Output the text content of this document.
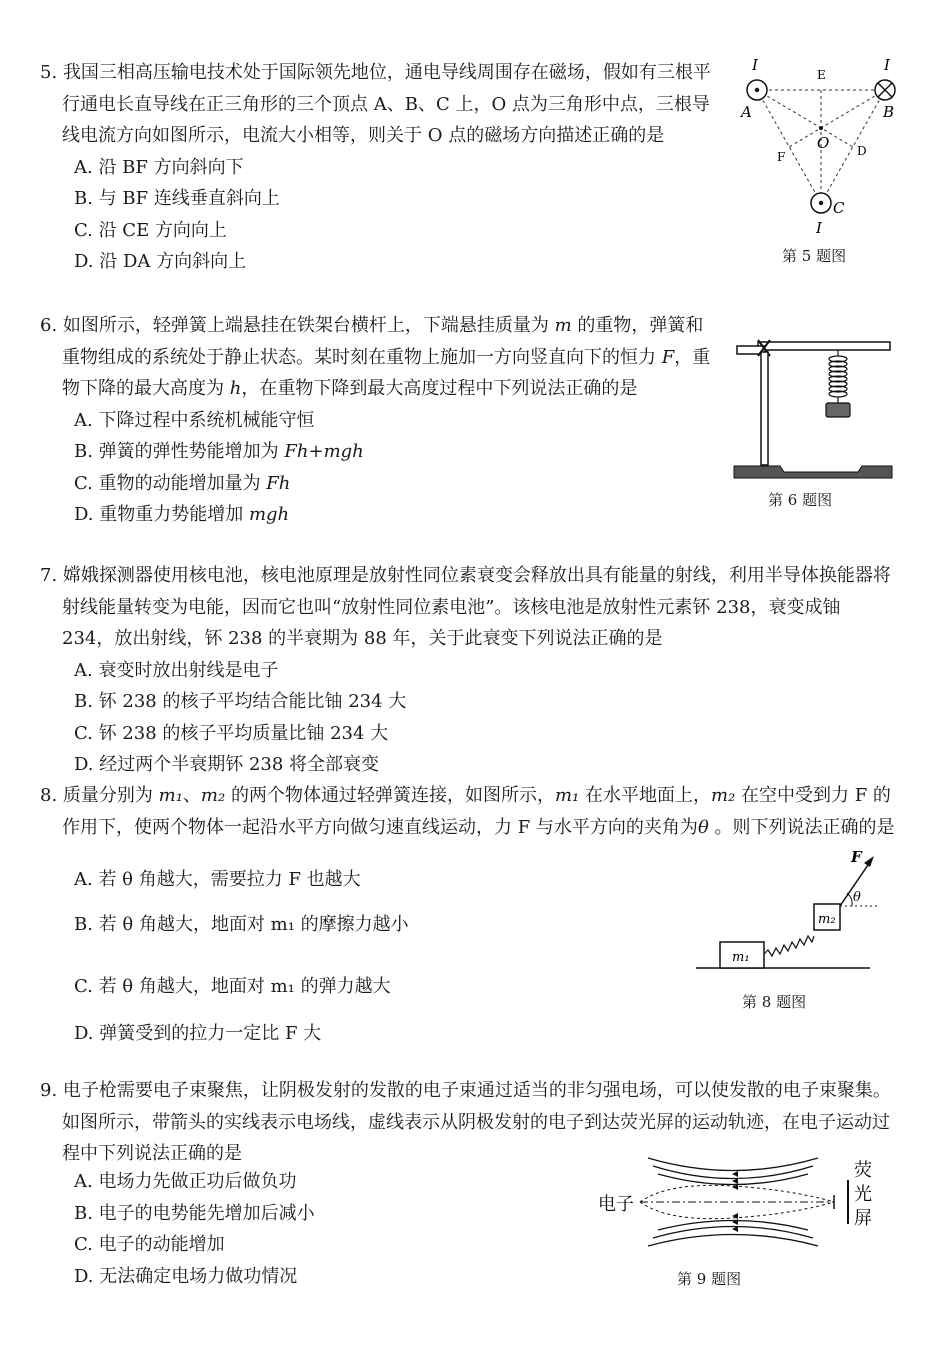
5. 我国三相高压输电技术处于国际领先地位，通电导线周围存在磁场，假如有三根平行通电长直导线在正三角形的三个顶点 A、B、C 上，O 点为三角形中点，三根导线电流方向如图所示，电流大小相等，则关于 O 点的磁场方向描述正确的是
A. 沿 BF 方向斜向下
B. 与 BF 连线垂直斜向上
C. 沿 CE 方向向上
D. 沿 DA 方向斜向上
I
A
I
B
E
O
F	D
C
I
第 5 题图
6. 如图所示，轻弹簧上端悬挂在铁架台横杆上，下端悬挂质量为 m 的重物，弹簧和重物组成的系统处于静止状态。某时刻在重物上施加一方向竖直向下的恒力 F，重物下降的最大高度为 h，在重物下降到最大高度过程中下列说法正确的是
A. 下降过程中系统机械能守恒
B. 弹簧的弹性势能增加为 Fh+mgh
C. 重物的动能增加量为 Fh
D. 重物重力势能增加 mgh
第 6 题图
7. 嫦娥探测器使用核电池，核电池原理是放射性同位素衰变会释放出具有能量的射线，利用半导体换能器将射线能量转变为电能，因而它也叫“放射性同位素电池”。该核电池是放射性元素钚 238，衰变成铀 234，放出射线，钚 238 的半衰期为 88 年，关于此衰变下列说法正确的是
A. 衰变时放出射线是电子
B. 钚 238 的核子平均结合能比铀 234 大
C. 钚 238 的核子平均质量比铀 234 大
D. 经过两个半衰期钚 238 将全部衰变
8. 质量分别为 m₁、m₂ 的两个物体通过轻弹簧连接，如图所示，m₁ 在水平地面上，m₂ 在空中受到力 F 的作用下，使两个物体一起沿水平方向做匀速直线运动，力 F 与水平方向的夹角为θ 。则下列说法正确的是
A. 若 θ 角越大，需要拉力 F 也越大
B. 若 θ 角越大，地面对 m₁ 的摩擦力越小
C. 若 θ 角越大，地面对 m₁ 的弹力越大
D. 弹簧受到的拉力一定比 F 大
m₁
m₂
θ
F
第 8 题图
9. 电子枪需要电子束聚焦，让阴极发射的发散的电子束通过适当的非匀强电场，可以使发散的电子束聚集。如图所示，带箭头的实线表示电场线，虚线表示从阴极发射的电子到达荧光屏的运动轨迹，在电子运动过程中下列说法正确的是
A. 电场力先做正功后做负功
B. 电子的电势能先增加后减小
C. 电子的动能增加
D. 无法确定电场力做功情况
电子
荧
光
屏
第 9 题图
